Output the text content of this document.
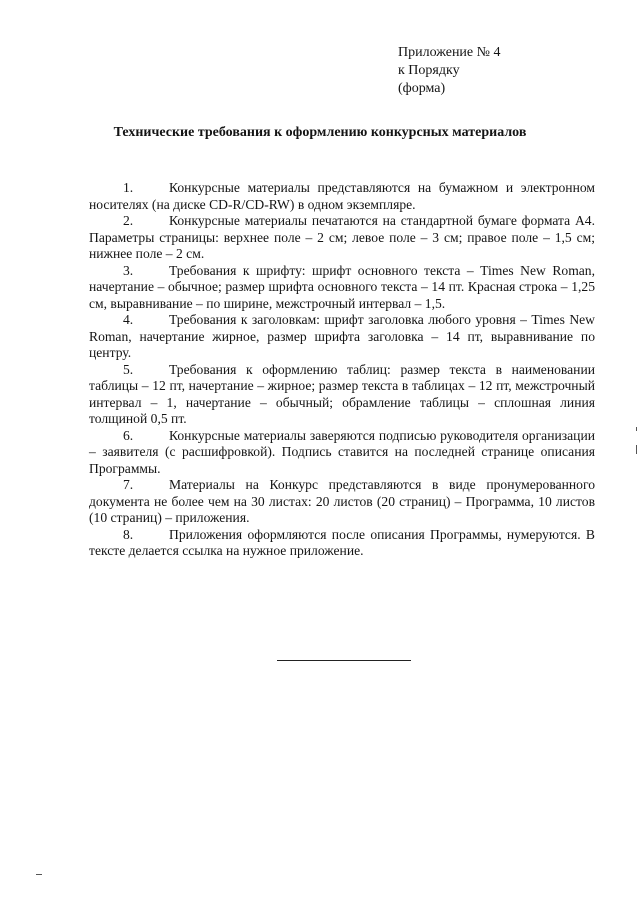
Приложение № 4
к Порядку
(форма)
Технические требования к оформлению конкурсных материалов
1.	Конкурсные материалы представляются на бумажном и электронном носителях (на диске CD-R/CD-RW) в одном экземпляре.
2.	Конкурсные материалы печатаются на стандартной бумаге формата А4. Параметры страницы: верхнее поле – 2 см; левое поле – 3 см; правое поле – 1,5 см; нижнее поле – 2 см.
3.	Требования к шрифту: шрифт основного текста – Times New Roman, начертание – обычное; размер шрифта основного текста – 14 пт. Красная строка – 1,25 см, выравнивание – по ширине, межстрочный интервал – 1,5.
4.	Требования к заголовкам: шрифт заголовка любого уровня – Times New Roman, начертание жирное, размер шрифта заголовка – 14 пт, выравнивание по центру.
5.	Требования к оформлению таблиц: размер текста в наименовании таблицы – 12 пт, начертание – жирное; размер текста в таблицах – 12 пт, межстрочный интервал – 1, начертание – обычный; обрамление таблицы – сплошная линия толщиной 0,5 пт.
6.	Конкурсные материалы заверяются подписью руководителя организации – заявителя (с расшифровкой). Подпись ставится на последней странице описания Программы.
7.	Материалы на Конкурс представляются в виде пронумерованного документа не более чем на 30 листах: 20 листов (20 страниц) – Программа, 10 листов (10 страниц) – приложения.
8.	Приложения оформляются после описания Программы, нумеруются. В тексте делается ссылка на нужное приложение.
